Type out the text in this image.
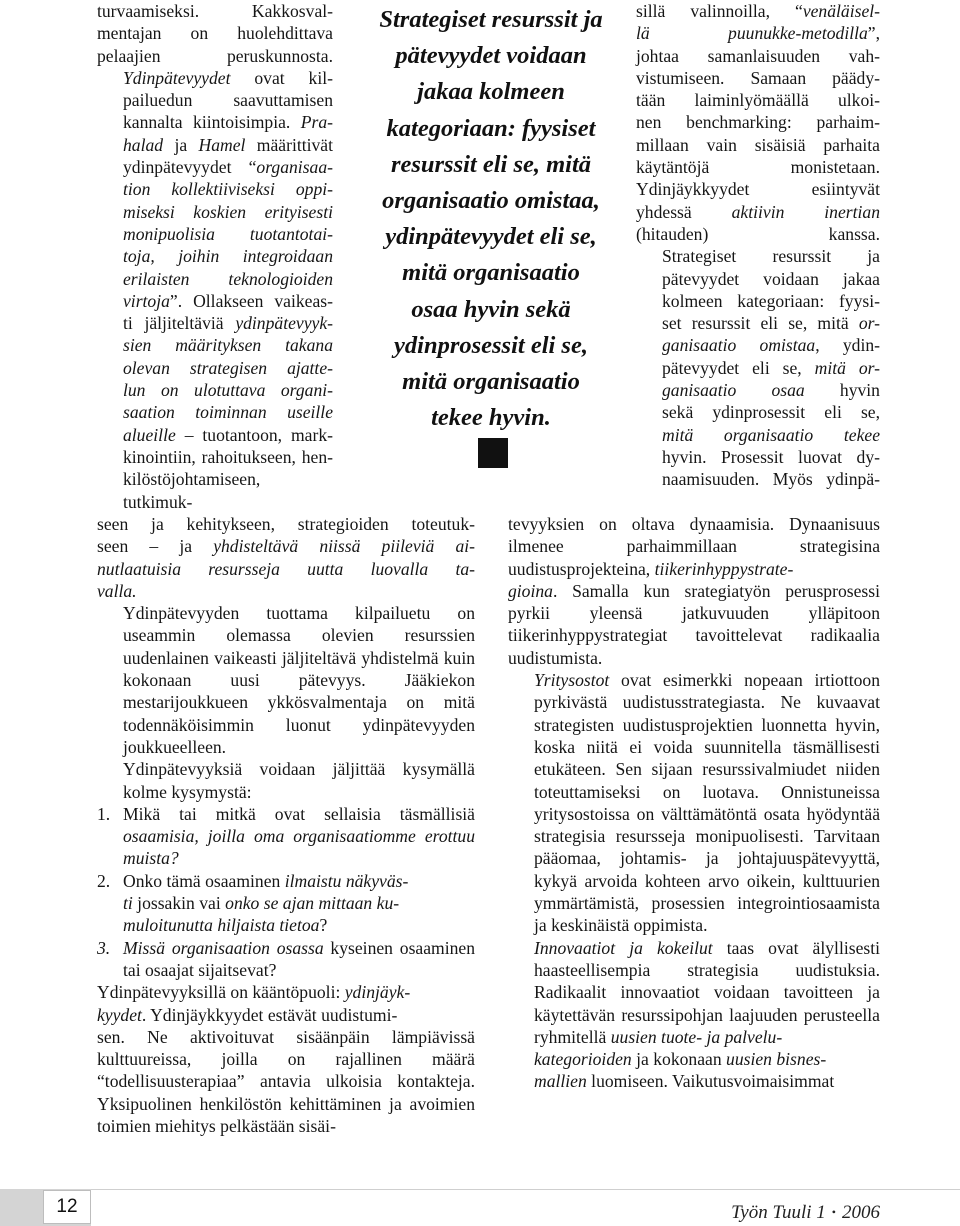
turvaamiseksi. Kakkosval-
mentajan on huolehdittava
pelaajien peruskunnosta.

Ydinpätevyydet ovat kil-
pailuedun saavuttamisen
kannalta kiintoisimpia. Pra-
halad ja Hamel määrittivät
ydinpätevyydet “organisaa-
tion kollektiiviseksi oppi-
miseksi koskien erityisesti
monipuolisia tuotantotai-
toja, joihin integroidaan
erilaisten teknologioiden
virtoja”. Ollakseen vaikeas-
ti jäljiteltäviä ydinpätevyyk-
sien määrityksen takana
olevan strategisen ajatte-
lun on ulotuttava organi-
saation toiminnan useille
alueille – tuotantoon, mark-
kinointiin, rahoitukseen, hen-
kilöstöjohtamiseen, tutkimuk-

Strategiset resurssit ja
pätevyydet voidaan
jakaa kolmeen
kategoriaan: fyysiset
resurssit eli se, mitä
organisaatio omistaa,
ydinpätevyydet eli se,
mitä organisaatio
osaa hyvin sekä
ydinprosessit eli se,
mitä organisaatio
tekee hyvin.

sillä valinnoilla, “venäläisel-
lä puunukke-metodilla”,
johtaa samanlaisuuden vah-
vistumiseen. Samaan päädy-
tään laiminlyömäällä ulkoi-
nen benchmarking: parhaim-
millaan vain sisäisiä parhaita
käytäntöjä monistetaan.
Ydinjäykkyydet esiintyvät
yhdessä aktiivin inertian
(hitauden) kanssa.

Strategiset resurssit ja
pätevyydet voidaan jakaa
kolmeen kategoriaan: fyysi-
set resurssit eli se, mitä or-
ganisaatio omistaa, ydin-
pätevyydet eli se, mitä or-
ganisaatio osaa hyvin
sekä ydinprosessit eli se,
mitä organisaatio tekee
hyvin. Prosessit luovat dy-
naamisuuden. Myös ydinpä-

seen ja kehitykseen, strategioiden toteutuk-
seen – ja yhdisteltävä niissä piileviä ai-
nutlaatuisia resursseja uutta luovalla ta-
valla.

Ydinpätevyyden tuottama kilpailuetu on useammin olemassa olevien resurssien uudenlainen vaikeasti jäljiteltävä yhdistelmä kuin kokonaan uusi pätevyys. Jääkiekon mestarijoukkueen ykkösvalmentaja on mitä todennäköisimmin luonut ydinpätevyyden joukkueelleen.

Ydinpätevyyksiä voidaan jäljittää kysymällä kolme kysymystä:

1. Mikä tai mitkä ovat sellaisia täsmällisiä osaamisia, joilla oma organisaatiomme erottuu muista?

2. Onko tämä osaaminen ilmaistu näkyväs-
ti jossakin vai onko se ajan mittaan ku-
muloitunutta hiljaista tietoa?

3. Missä organisaation osassa kyseinen osaaminen tai osaajat sijaitsevat?

Ydinpätevyyksillä on kääntöpuoli: ydinjäyk-
kyydet. Ydinjäykkyydet estävät uudistumi-
sen. Ne aktivoituvat sisäänpäin lämpiävissä kulttuureissa, joilla on rajallinen määrä “todellisuusterapiaa” antavia ulkoisia kontakteja. Yksipuolinen henkilöstön kehittäminen ja avoimien toimien miehitys pelkästään sisäi-

tevyyksien on oltava dynaamisia. Dynaanisuus ilmenee parhaimmillaan strategisina uudistusprojekteina, tiikerinhyppystrate-
gioina. Samalla kun srategiatyön perusprosessi pyrkii yleensä jatkuvuuden ylläpitoon tiikerinhyppystrategiat tavoittelevat radikaalia uudistumista.

Yritysostot ovat esimerkki nopeaan irtiottoon pyrkivästä uudistusstrategiasta. Ne kuvaavat strategisten uudistusprojektien luonnetta hyvin, koska niitä ei voida suunnitella täsmällisesti etukäteen. Sen sijaan resurssivalmiudet niiden toteuttamiseksi on luotava. Onnistuneissa yritysostoissa on välttämätöntä osata hyödyntää strategisia resursseja monipuolisesti. Tarvitaan pääomaa, johtamis- ja johtajuuspätevyyttä, kykyä arvoida kohteen arvo oikein, kulttuurien ymmärtämistä, prosessien integrointiosaamista ja keskinäistä oppimista.

Innovaatiot ja kokeilut taas ovat älyllisesti haasteellisempia strategisia uudistuksia. Radikaalit innovaatiot voidaan tavoitteen ja käytettävän resurssipohjan laajuuden perusteella ryhmitellä uusien tuote- ja palvelu-
kategorioiden ja kokonaan uusien bisnes-
mallien luomiseen. Vaikutusvoimaisimmat

12	Työn Tuuli 1 • 2006
